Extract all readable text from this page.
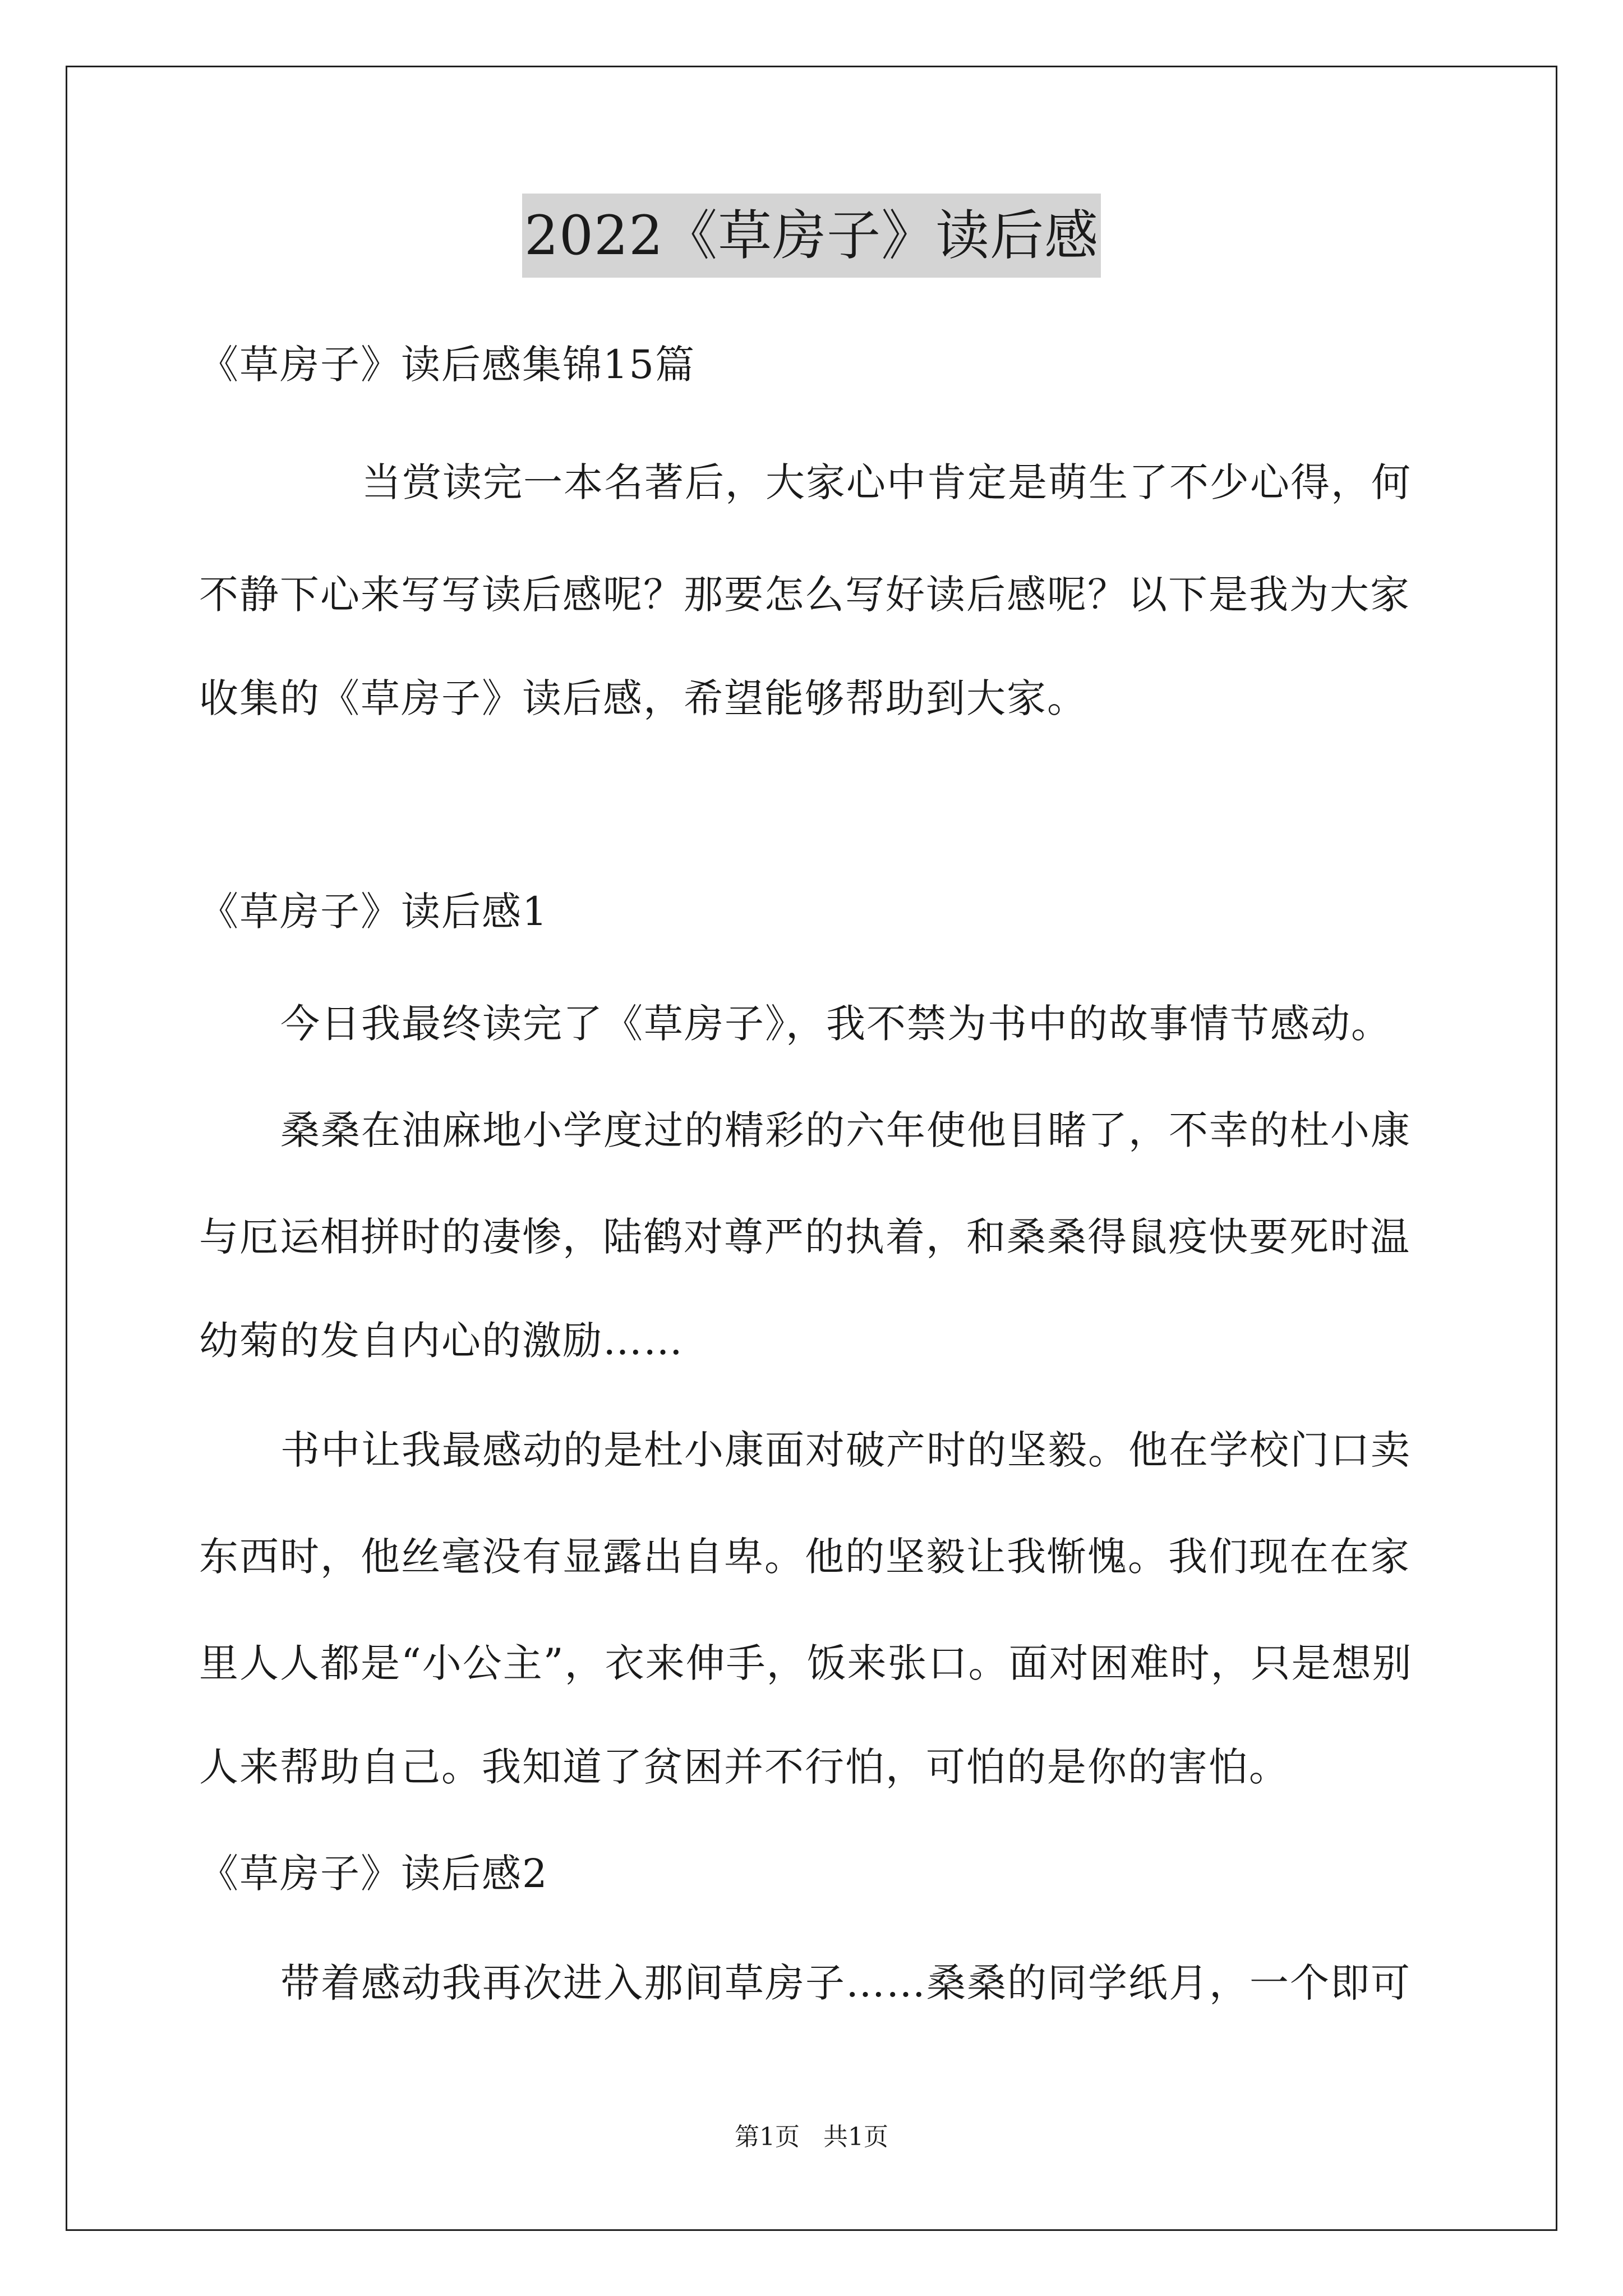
2022《草房子》读后感
《草房子》读后感集锦15篇
当赏读完一本名著后，大家心中肯定是萌生了不少心得，何
不静下心来写写读后感呢？那要怎么写好读后感呢？以下是我为大家
收集的《草房子》读后感，希望能够帮助到大家。
《草房子》读后感1
今日我最终读完了《草房子》，我不禁为书中的故事情节感动。
桑桑在油麻地小学度过的精彩的六年使他目睹了，不幸的杜小康
与厄运相拼时的凄惨，陆鹤对尊严的执着，和桑桑得鼠疫快要死时温
幼菊的发自内心的激励……
书中让我最感动的是杜小康面对破产时的坚毅。他在学校门口卖
东西时，他丝毫没有显露出自卑。他的坚毅让我惭愧。我们现在在家
里人人都是“小公主”，衣来伸手，饭来张口。面对困难时，只是想别
人来帮助自己。我知道了贫困并不行怕，可怕的是你的害怕。
《草房子》读后感2
带着感动我再次进入那间草房子……桑桑的同学纸月，一个即可
第1页 共1页
